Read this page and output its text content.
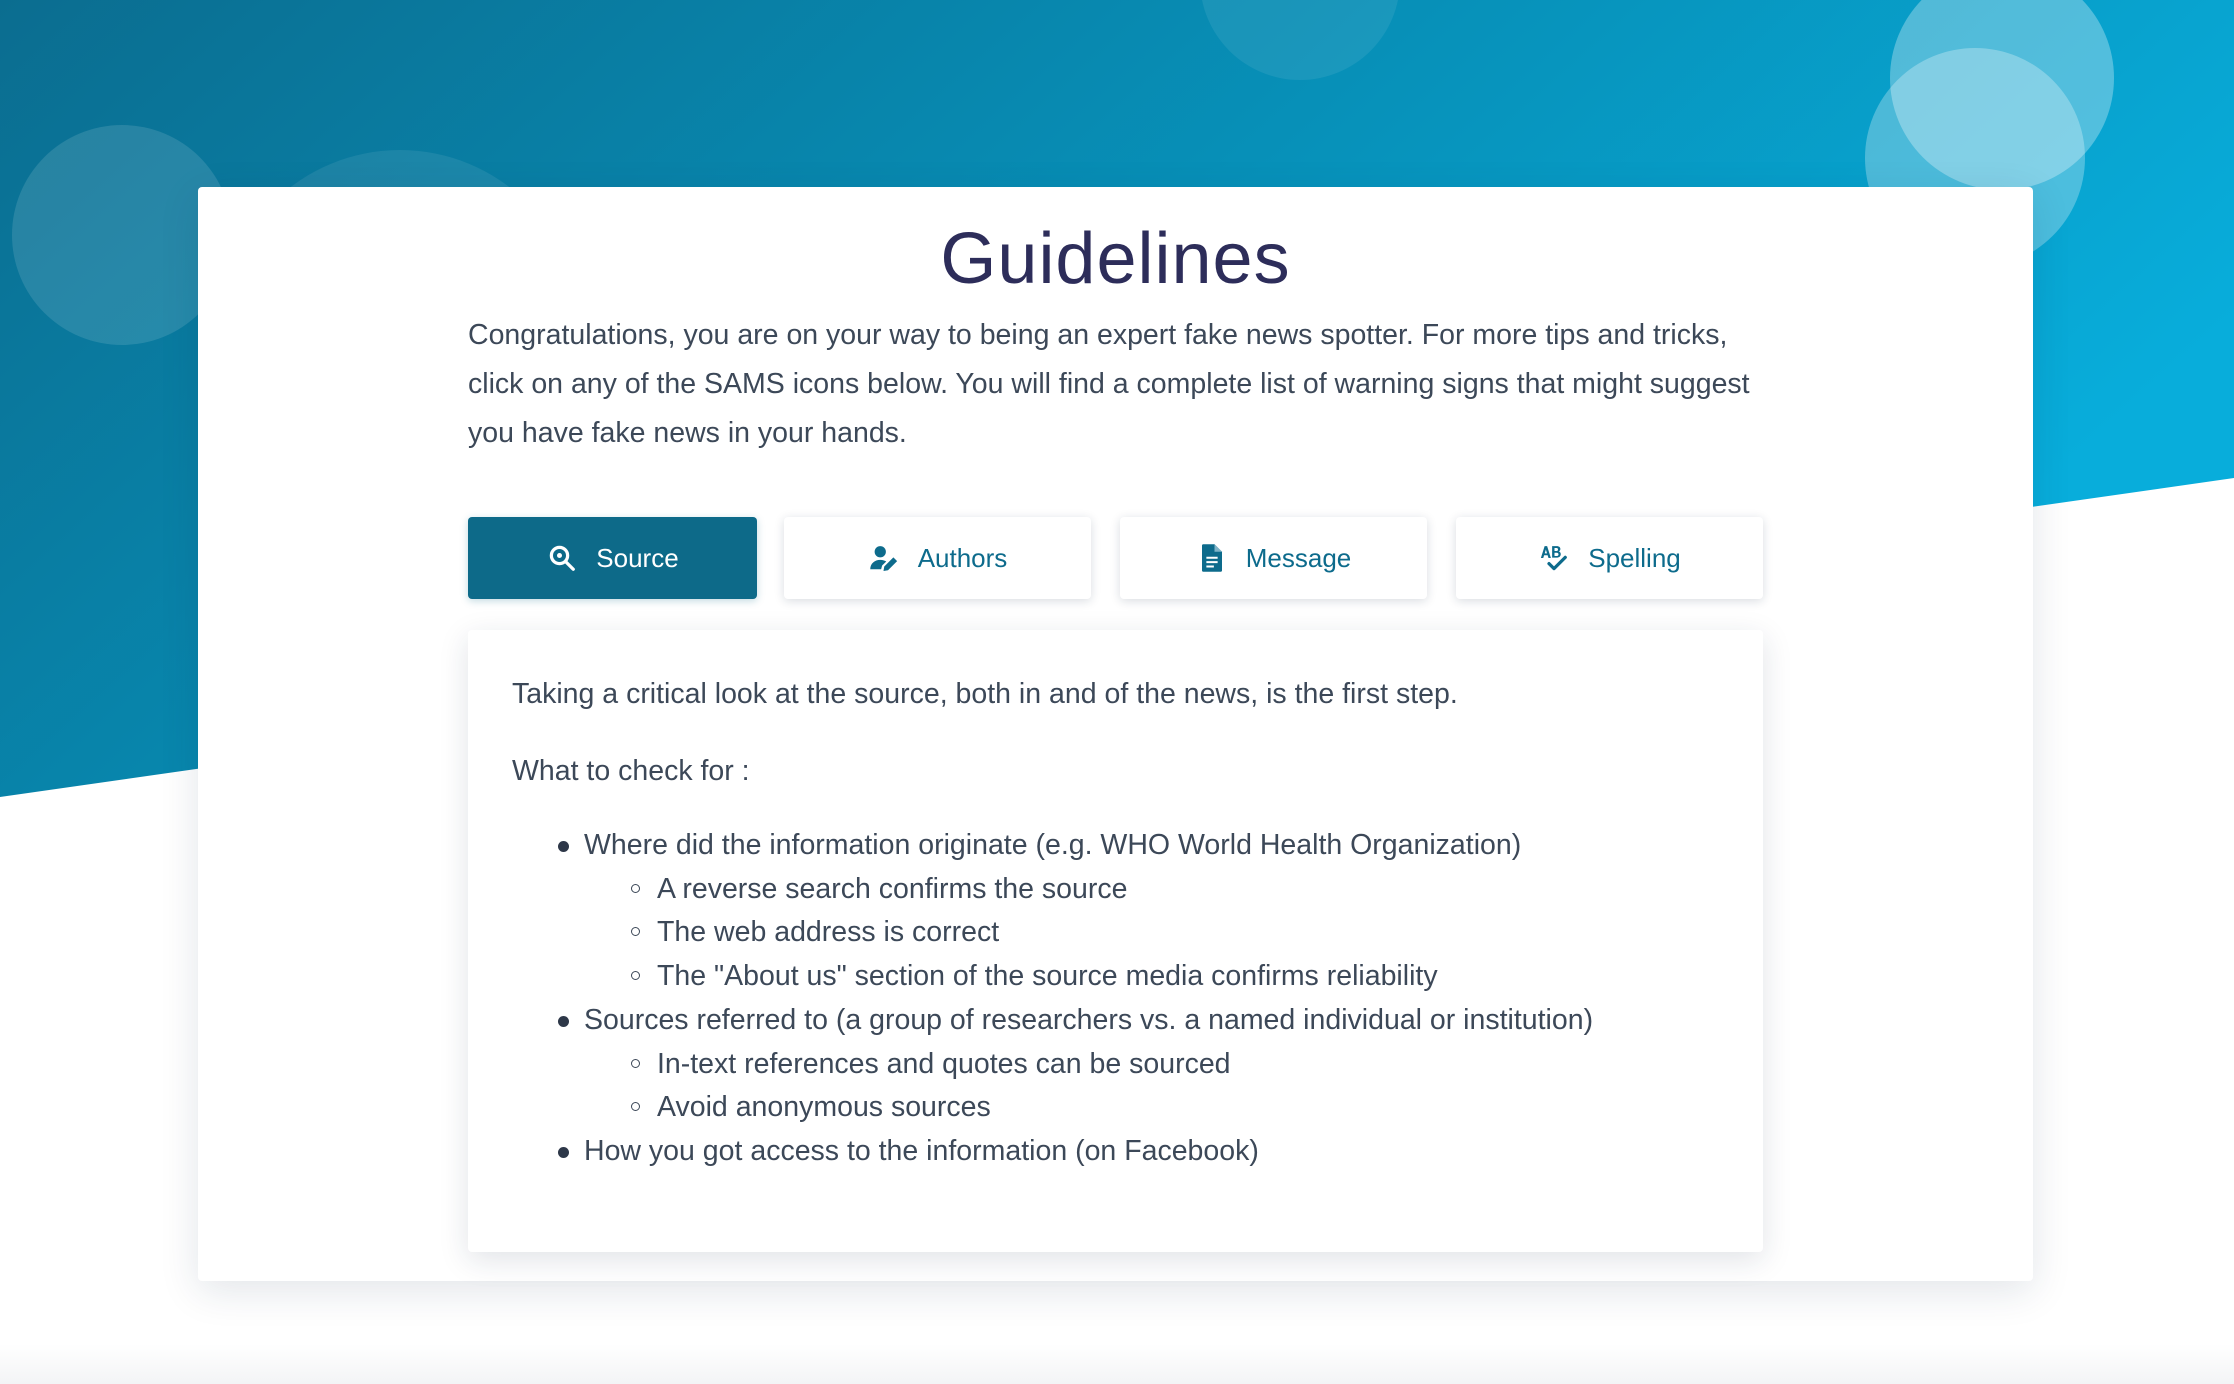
Guidelines

Congratulations, you are on your way to being an expert fake news spotter. For more tips and tricks, click on any of the SAMS icons below. You will find a complete list of warning signs that might suggest you have fake news in your hands.

Source	Authors	Message	Spelling

Taking a critical look at the source, both in and of the news, is the first step.

What to check for :

Where did the information originate (e.g. WHO World Health Organization)
A reverse search confirms the source
The web address is correct
The "About us" section of the source media confirms reliability
Sources referred to (a group of researchers vs. a named individual or institution)
In-text references and quotes can be sourced
Avoid anonymous sources
How you got access to the information (on Facebook)
